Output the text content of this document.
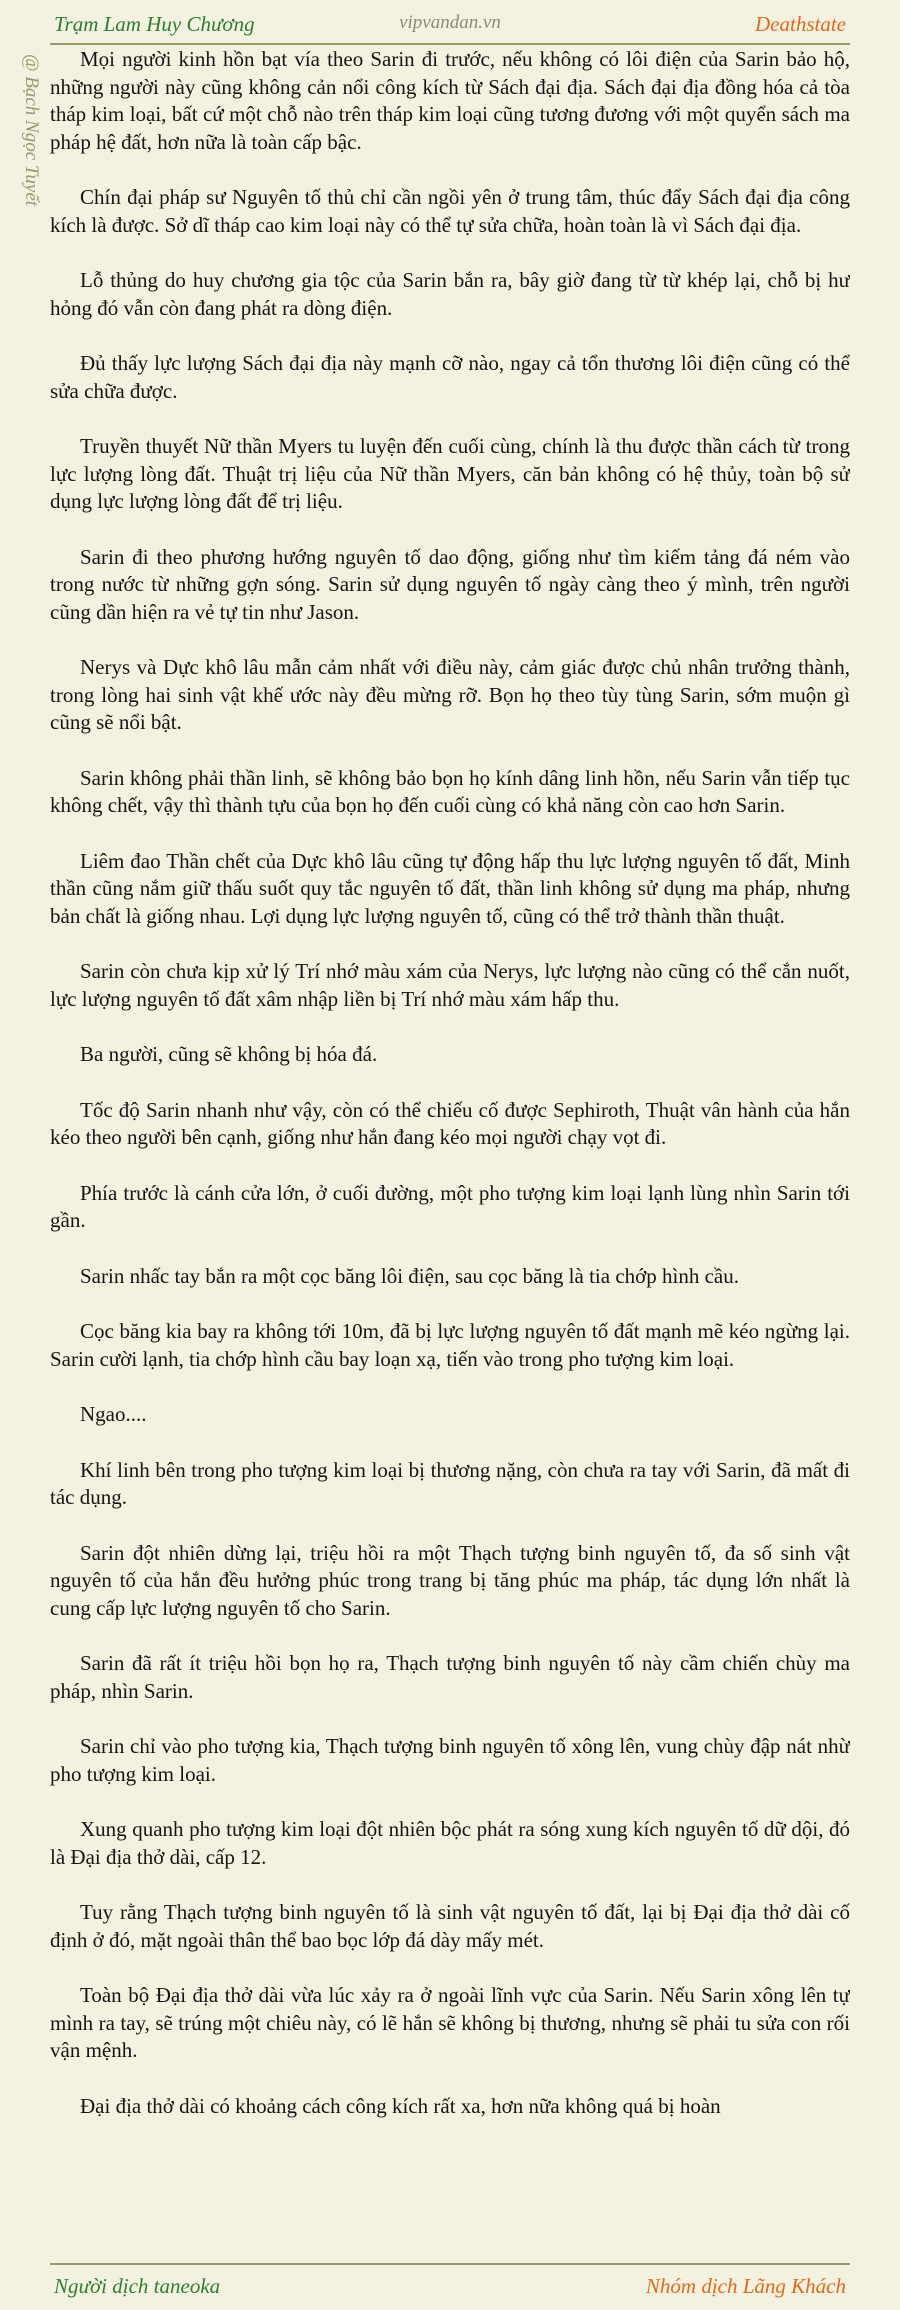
Trạm Lam Huy Chương	vipvandan.vn	Deathstate
@ Bạch Ngọc Tuyết	Mọi người kinh hồn bạt vía theo Sarin đi trước, nếu không có lôi điện của Sarin bảo hộ, những người này cũng không cản nổi công kích từ Sách đại địa. Sách đại địa đồng hóa cả tòa tháp kim loại, bất cứ một chỗ nào trên tháp kim loại cũng tương đương với một quyển sách ma pháp hệ đất, hơn nữa là toàn cấp bậc.

Chín đại pháp sư Nguyên tố thủ chỉ cần ngồi yên ở trung tâm, thúc đẩy Sách đại địa công kích là được. Sở dĩ tháp cao kim loại này có thể tự sửa chữa, hoàn toàn là vì Sách đại địa.

Lỗ thủng do huy chương gia tộc của Sarin bắn ra, bây giờ đang từ từ khép lại, chỗ bị hư hỏng đó vẫn còn đang phát ra dòng điện.

Đủ thấy lực lượng Sách đại địa này mạnh cỡ nào, ngay cả tổn thương lôi điện cũng có thể sửa chữa được.

Truyền thuyết Nữ thần Myers tu luyện đến cuối cùng, chính là thu được thần cách từ trong lực lượng lòng đất. Thuật trị liệu của Nữ thần Myers, căn bản không có hệ thủy, toàn bộ sử dụng lực lượng lòng đất để trị liệu.

Sarin đi theo phương hướng nguyên tố dao động, giống như tìm kiếm tảng đá ném vào trong nước từ những gợn sóng. Sarin sử dụng nguyên tố ngày càng theo ý mình, trên người cũng dần hiện ra vẻ tự tin như Jason.

Nerys và Dực khô lâu mẫn cảm nhất với điều này, cảm giác được chủ nhân trưởng thành, trong lòng hai sinh vật khế ước này đều mừng rỡ. Bọn họ theo tùy tùng Sarin, sớm muộn gì cũng sẽ nổi bật.

Sarin không phải thần linh, sẽ không bảo bọn họ kính dâng linh hồn, nếu Sarin vẫn tiếp tục không chết, vậy thì thành tựu của bọn họ đến cuối cùng có khả năng còn cao hơn Sarin.

Liêm đao Thần chết của Dực khô lâu cũng tự động hấp thu lực lượng nguyên tố đất, Minh thần cũng nắm giữ thấu suốt quy tắc nguyên tố đất, thần linh không sử dụng ma pháp, nhưng bản chất là giống nhau. Lợi dụng lực lượng nguyên tố, cũng có thể trở thành thần thuật.

Sarin còn chưa kịp xử lý Trí nhớ màu xám của Nerys, lực lượng nào cũng có thể cắn nuốt, lực lượng nguyên tố đất xâm nhập liền bị Trí nhớ màu xám hấp thu.

Ba người, cũng sẽ không bị hóa đá.

Tốc độ Sarin nhanh như vậy, còn có thể chiếu cố được Sephiroth, Thuật vân hành của hắn kéo theo người bên cạnh, giống như hắn đang kéo mọi người chạy vọt đi.

Phía trước là cánh cửa lớn, ở cuối đường, một pho tượng kim loại lạnh lùng nhìn Sarin tới gần.

Sarin nhấc tay bắn ra một cọc băng lôi điện, sau cọc băng là tia chớp hình cầu.

Cọc băng kia bay ra không tới 10m, đã bị lực lượng nguyên tố đất mạnh mẽ kéo ngừng lại. Sarin cười lạnh, tia chớp hình cầu bay loạn xạ, tiến vào trong pho tượng kim loại.

Ngao....

Khí linh bên trong pho tượng kim loại bị thương nặng, còn chưa ra tay với Sarin, đã mất đi tác dụng.

Sarin đột nhiên dừng lại, triệu hồi ra một Thạch tượng binh nguyên tố, đa số sinh vật nguyên tố của hắn đều hưởng phúc trong trang bị tăng phúc ma pháp, tác dụng lớn nhất là cung cấp lực lượng nguyên tố cho Sarin.

Sarin đã rất ít triệu hồi bọn họ ra, Thạch tượng binh nguyên tố này cầm chiến chùy ma pháp, nhìn Sarin.

Sarin chỉ vào pho tượng kia, Thạch tượng binh nguyên tố xông lên, vung chùy đập nát nhừ pho tượng kim loại.

Xung quanh pho tượng kim loại đột nhiên bộc phát ra sóng xung kích nguyên tố dữ dội, đó là Đại địa thở dài, cấp 12.

Tuy rằng Thạch tượng binh nguyên tố là sinh vật nguyên tố đất, lại bị Đại địa thở dài cố định ở đó, mặt ngoài thân thể bao bọc lớp đá dày mấy mét.

Toàn bộ Đại địa thở dài vừa lúc xảy ra ở ngoài lĩnh vực của Sarin. Nếu Sarin xông lên tự mình ra tay, sẽ trúng một chiêu này, có lẽ hắn sẽ không bị thương, nhưng sẽ phải tu sửa con rối vận mệnh.

Đại địa thở dài có khoảng cách công kích rất xa, hơn nữa không quá bị hoàn

Người dịch taneoka	Nhóm dịch Lãng Khách
